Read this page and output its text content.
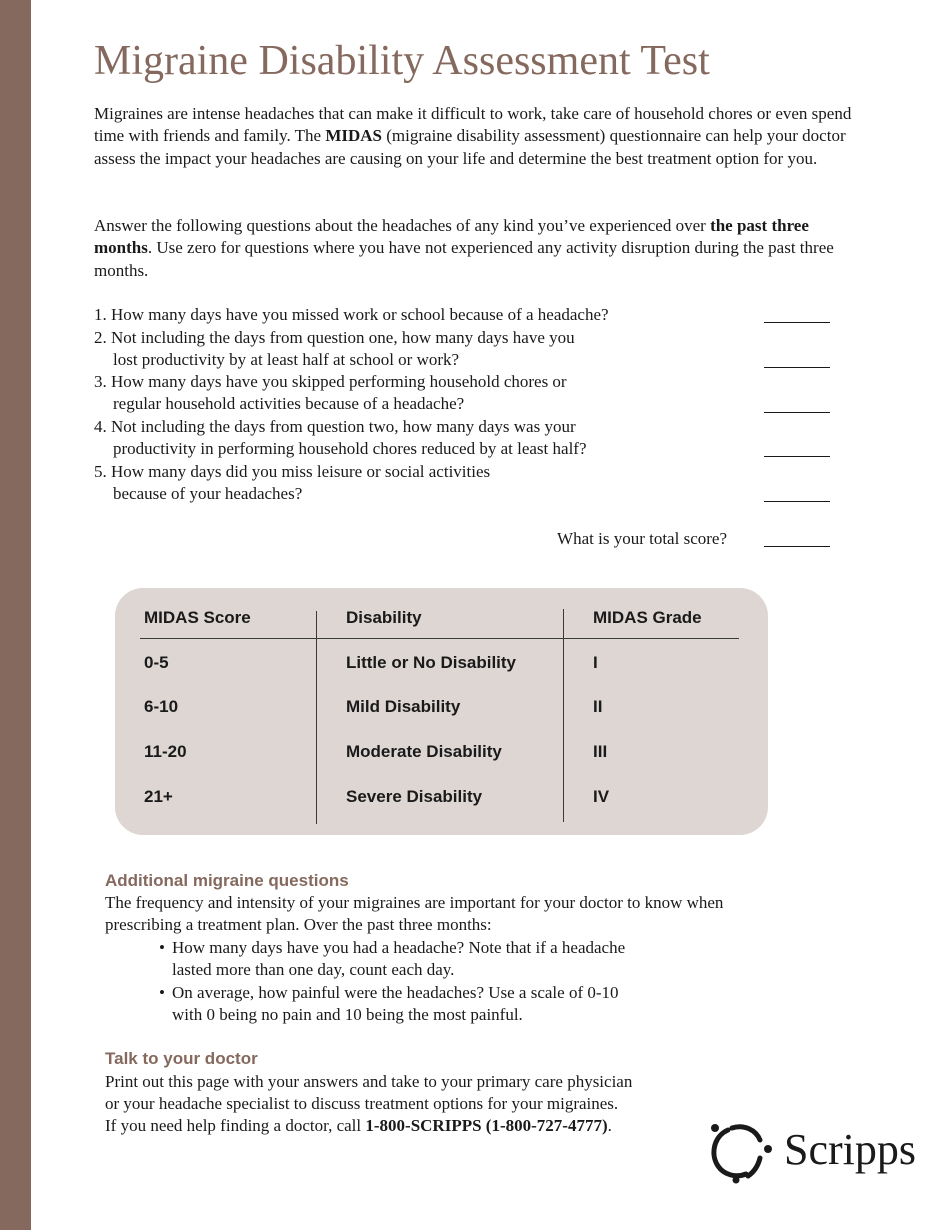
Migraine Disability Assessment Test

Migraines are intense headaches that can make it difficult to work, take care of household chores or even spend time with friends and family. The MIDAS (migraine disability assessment) questionnaire can help your doctor assess the impact your headaches are causing on your life and determine the best treatment option for you.

Answer the following questions about the headaches of any kind you’ve experienced over the past three months. Use zero for questions where you have not experienced any activity disruption during the past three months.

1. How many days have you missed work or school because of a headache?
2. Not including the days from question one, how many days have you
lost productivity by at least half at school or work?
3. How many days have you skipped performing household chores or
regular household activities because of a headache?
4. Not including the days from question two, how many days was your
productivity in performing household chores reduced by at least half?
5. How many days did you miss leisure or social activities
because of your headaches?
What is your total score?
MIDAS Score	Disability	MIDAS Grade
0-5	Little or No Disability	I
6-10	Mild Disability	II
11-20	Moderate Disability	III
21+	Severe Disability	IV
Additional migraine questions
The frequency and intensity of your migraines are important for your doctor to know when
prescribing a treatment plan. Over the past three months:
• How many days have you had a headache? Note that if a headache
lasted more than one day, count each day.
• On average, how painful were the headaches? Use a scale of 0-10
with 0 being no pain and 10 being the most painful.
Talk to your doctor
Print out this page with your answers and take to your primary care physician
or your headache specialist to discuss treatment options for your migraines.
If you need help finding a doctor, call 1-800-SCRIPPS (1-800-727-4777).	Scripps
